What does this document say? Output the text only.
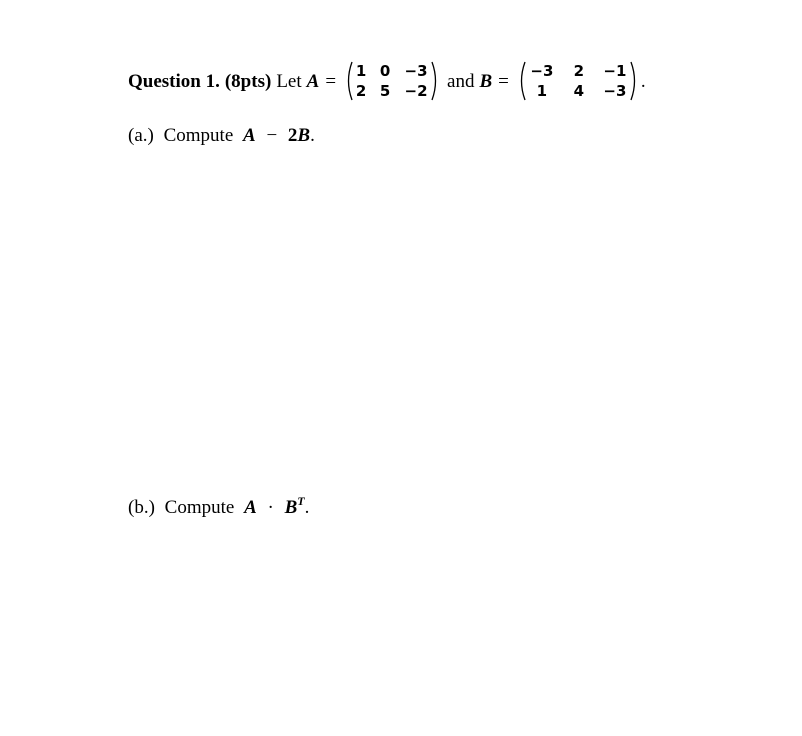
Question 1. (8pts) Let A =	1 0 −3
2 5 −2 and B =	−3	2	−1
1	4	−3 .
(a.) Compute A − 2B.
(b.) Compute $A \cdot B^T$.
